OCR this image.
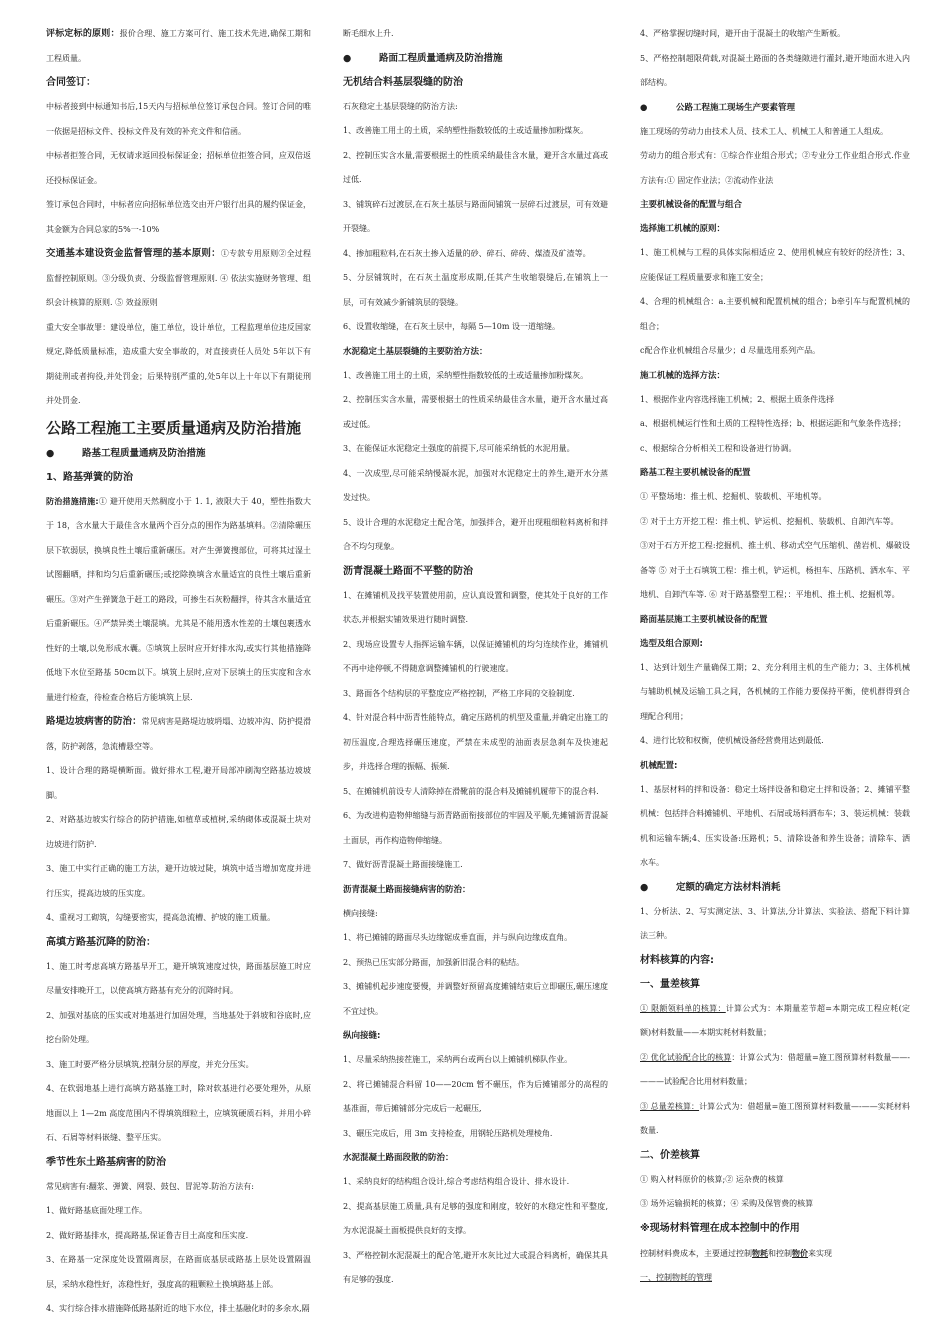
评标定标的原则：报价合理、施工方案可行、施工技术先进,确保工期和工程质量。

合同签订：

中标者接到中标通知书后,15天内与招标单位签订承包合同。签订合同的唯一依据是招标文件、投标文件及有效的补充文件和信函。

中标者拒签合同，无权请求返回投标保证金；招标单位拒签合同，应双倍返还投标保证金。

签订承包合同时，中标者应向招标单位选交由开户银行出具的履约保证金，其金额为合同总家的5%一-10%

交通基本建设资金监督管理的基本原则：①专款专用原则②全过程监督控制原则。③分级负责、分级监督管理原则. ④ 依法实施财务管理、组织会计核算的原则. ⑤ 效益原则

重大安全事故罪：建设单位，施工单位，设计单位，工程监理单位违反国家规定,降低质量标准，造成重大安全事故的，对直接责任人员处 5年以下有期徒刑或者拘役,并处罚金；后果特别严重的,处5年以上十年以下有期徒刑并处罚金.

公路工程施工主要质量通病及防治措施

●	路基工程质量通病及防治措施

1、路基弹簧的防治

防治措施措施:① 避开使用天然稠度小于 1. 1, 液限大于 40，塑性指数大于 18，含水量大于最佳含水量两个百分点的围作为路基填料。②清除碾压层下软弱层，换填良性土壤后重新碾压。对产生弹簧搜部位，可将其过湿土试图翻晒，拌和均匀后重新碾压;或挖除换填含水量适宜的良性土壤后重新碾压。③对产生弹簧急于赶工的路段，可掺生石灰粉翻拌，待其含水量适宜后重新碾压。④严禁异类土壤混填。尤其是不能用透水性差的土壤包裹透水性好的土壤,以免形成水囊。⑤填筑上层时应开好排水沟,或实行其他措施降低地下水位至路基 50cm以下。填筑上层时,应对下层填土的压实度和含水量进行检查，待检查合格后方能填筑上层.

路堤边坡病害的防治：常见病害是路堤边坡坍塌、边坡冲沟、防护提滑落，防护剥落，急流槽悬空等。

1、设计合理的路堤横断面。做好排水工程,避开局部冲刷淘空路基边坡坡脚。

2、对路基边坡实行综合的防护措施,如植草或植树,采纳砌体或混凝土块对边坡进行防护.

3、施工中实行正确的施工方法，避开边坡过陡，填筑中适当增加宽度并进行压实，提高边坡的压实度。

4、重视习工砌筑，勾缝要密实，提高急流槽、护坡的施工质量。

高填方路基沉降的防治：

1、施工时考虑高填方路基早开工，避开填筑速度过快，路面基层施工时应尽量安排晚开工，以使高填方路基有充分的沉降时间。

2、加强对基底的压实或对地基进行加固处理，当地基处于斜坡和谷底时,应挖台阶处理。

3、施工时要严格分层填筑,控制分层的厚度，并充分压实。

4、在软弱地基上进行高填方路基施工时，除对软基进行必要处理外，从原地面以上 1—2m 高度范围内不得填筑细粒土，应填筑硬质石料，并用小碎石、石屑等材料嵌缝、整平压实。

季节性东土路基病害的防治

常见病害有:翻浆、弹簧、网裂、鼓包、冒泥等.防治方法有:

1、做好路基底面处理工作。

2、做好路基排水，提高路基,保证鲁吉目土高度和压实度.

3、在路基一定深度处设置隔离层，在路面底基层或路基上层处设置隔温层，采纳水稳性好，冻稳性好，强度高的粗颗粒土换填路基上部。

4、实行综合排水措施降低路基附近的地下水位，排土基融化时的多余水,隔

断毛细水上升.

●	路面工程质量通病及防治措施

无机结合料基层裂缝的防治

石灰稳定土基层裂缝的防治方法:

1、改善施工用土的土质，采纳塑性指数较低的土或适量掺加粉煤灰。

2、控制压实含水量,需要根据土的性质采纳最佳含水量，避开含水量过高或过低.

3、铺筑碎石过渡层,在石灰土基层与路面间铺筑一层碎石过渡层，可有效避开裂缝。

4、掺加粗粒料,在石灰土掺入适量的砂、碎石、碎砖、煤渣及矿渣等。

5、分层铺筑时，在石灰土温度形成期,任其产生收缩裂缝后,在铺筑上一层，可有效减少新铺筑层的裂缝。

6、设置收缩缝，在石灰土层中，每隔 5—10m 设一道缩缝。

水泥稳定土基层裂缝的主要防治方法：

1、改善施工用土的土质，采纳塑性指数较低的土或适量掺加粉煤灰。

2、控制压实含水量，需要根据土的性质采纳最佳含水量，避开含水量过高或过低。

3、在能保证水泥稳定土强度的前提下,尽可能采纳低的水泥用量。

4、一次成型,尽可能采纳慢凝水泥，加强对水泥稳定土的养生,避开水分蒸发过快。

5、设计合理的水泥稳定土配合笔，加强拌合，避开出现粗细粒料离析和拌合不均匀现象。

沥青混凝土路面不平整的防治

1、在摊铺机及找平装置使用前，应认真设置和调整，使其处于良好的工作状态,并根据实铺效果进行随时调整.

2、现场应设置专人指挥运输车辆，以保证摊铺机的均匀连续作业，摊铺机不再中途停顿,不得随意调整摊铺机的行驶速度。

3、路面各个结构层的平整度应严格控制，严格工序间的交验制度.

4、针对混合料中沥青性能特点，确定压路机的机型及重量,并确定出施工的初压温度,合理选择碾压速度，严禁在未成型的油面表层急刹车及快速起步，并选择合理的振幅、振频.

5、在摊铺机前设专人清除掉在滑靴前的混合料及摊铺机履带下的混合料.

6、为改进构造物伸缩缝与沥青路面衔接部位的牢固及平顺,先摊铺沥青混凝土面层，再作构造物伸缩缝。

7、做好沥青混凝土路面接缝施工.

沥青混凝土路面接缝病害的防治：

横向接缝:

1、将已摊铺的路面尽头边缘锯成垂直面，并与纵向边缘成直角。

2、预热已压实部分路面，加强新旧混合料的粘结。

3、摊铺机起步速度要慢，并调整好预留高度摊铺结束后立即碾压,碾压速度不宜过快。

纵向接缝:

1、尽量采纳热接茬施工，采纳两台或两台以上摊铺机梯队作业。

2、将已摊铺混合料留 10——20cm 暂不碾压，作为后摊铺部分的高程的基准面，带后摊铺部分完成后一起碾压,

3、碾压完成后，用 3m 支持检查，用钢轮压路机处理棱角.

水泥混凝土路面段散的防治：

1、采纳良好的结构组合设计,综合考虑结构组合设计、排水设计.

2、提高基层施工质量,具有足够的强度和刚度，较好的水稳定性和平整度,为水泥混凝土面板提供良好的支撑。

3、严格控制水泥混凝土的配合笔,避开水灰比过大或混合料离析，确保其具有足够的强度.

4、严格掌握切缝时间，避开由于混凝土的收缩产生断板。

5、严格控制超限荷载,对混凝土路面的各类缝隙进行灌封,避开地面水进入内部结构。

●	公路工程施工现场生产要素管理

施工现场的劳动力由技术人员、技术工人、机械工人和普通工人组成。

劳动力的组合形式有：①综合作业组合形式；②专业分工作业组合形式.作业方法有:① 固定作业法；②流动作业法

主要机械设备的配置与组合

选择施工机械的原则：

1、施工机械与工程的具体实际相适应 2、使用机械应有较好的经济性；3、应能保证工程质量要求和施工安全；

4、合理的机械组合：a.主要机械和配置机械的组合；b牵引车与配置机械的组合；

c配合作业机械组合尽量少；d 尽量选用系列产品。

施工机械的选择方法：

1、根据作业内容选择施工机械；2、根据土质条件选择

a、根据机械运行性和土质的工程特性选择；b、根据运距和气象条件选择；

c、根据综合分析相关工程和设备进行协调。

路基工程主要机械设备的配置

① 平整场地：推土机、挖掘机、装载机、平地机等。

② 对于土方开挖工程：推土机、铲运机、挖掘机、装载机、自卸汽车等。

③对于石方开挖工程:挖掘机、推土机、移动式空气压缩机、凿岩机、爆破设备等 ⑤ 对于土石填筑工程：推土机，铲运机，杨担车、压路机、洒水车、平地机、自卸汽车等. ⑥ 对于路基整型工程；：平地机、推土机、挖掘机等。

路面基层施工主要机械设备的配置

选型及组合原则:

1、达到计划生产量确保工期；2、充分利用主机的生产能力；3、主体机械与辅助机械及运输工具之间，各机械的工作能力要保持平衡，使机群得到合理配合利用；

4、进行比较和权衡，使机械设备经营费用达到最低.

机械配置:

1、基层材料的拌和设备：稳定土场拌设备和稳定土拌和设备；2、摊铺平整机械：包括拌合料摊铺机、平地机、石屑或场料洒布车；3、装运机械：装载机和运输车辆;4、压实设备:压路机；5、清除设备和养生设备；清除车、洒水车。

●	定额的确定方法材料消耗

1、分析法、2、写实测定法、3、计算法,分计算法、实验法、搭配下料计算法三种。

材料核算的内容:

一、量差核算

① 限额领料单的核算：计算公式为：本期量差节超=本期完成工程应耗(定额)材料数量——本期实耗材料数量；

② 优化试验配合比的核算：计算公式为：借超量=施工图预算材料数量——-———试验配合比用材料数量；

③ 总量差核算：计算公式为：借超量=施工图预算材料数量—-——实耗材料数量.

二、价差核算

① 购入材料原价的核算;② 运杂费的核算

③ 场外运输损耗的核算；④ 采购及保管费的核算

※现场材料管理在成本控制中的作用

控制材料费成本，主要通过控制物耗和控制物价来实现

一、控制物耗的管理
